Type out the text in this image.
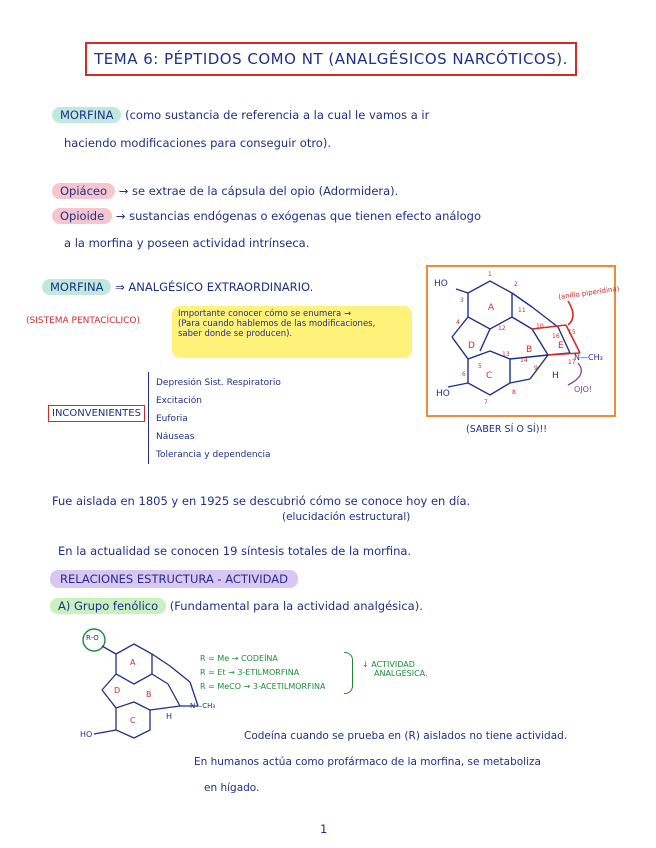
TEMA 6: PÉPTIDOS COMO NT (ANALGÉSICOS NARCÓTICOS).
MORFINA (como sustancia de referencia a la cual le vamos a ir
haciendo modificaciones para conseguir otro).
Opiáceo → se extrae de la cápsula del opio (Adormidera).
Opioide → sustancias endógenas o exógenas que tienen efecto análogo
a la morfina y poseen actividad intrínseca.
MORFINA ⇒ ANALGÉSICO EXTRAORDINARIO.
(SISTEMA PENTACÍCLICO)
Importante conocer cómo se enumera →
(Para cuando hablemos de las modificaciones,
saber donde se producen).
HO
HO
A
B
C
D	E
N—CH₃
H
(anillo piperidina)
OJO!
1
2
3
4
5
6
7
8
9
10
11
12
13
14
15
16
17
(SABER SÍ O SÍ)!!
INCONVENIENTES
Depresión Sist. Respiratorio
Excitación
Euforia
Náuseas
Tolerancia y dependencia
Fue aislada en 1805 y en 1925 se descubrió cómo se conoce hoy en día.
(elucidación estructural)
En la actualidad se conocen 19 síntesis totales de la morfina.
RELACIONES ESTRUCTURA - ACTIVIDAD
A) Grupo fenólico (Fundamental para la actividad analgésica).
R-O
A
B
C
D
HO
N—CH₃
H
R = Me → CODEÍNA
R = Et → 3-ETILMORFINA
R = MeCO → 3-ACETILMORFINA
↓ ACTIVIDAD
ANALGÉSICA.
Codeína cuando se prueba en (R) aislados no tiene actividad.
En humanos actúa como profármaco de la morfina, se metaboliza
en hígado.
1
